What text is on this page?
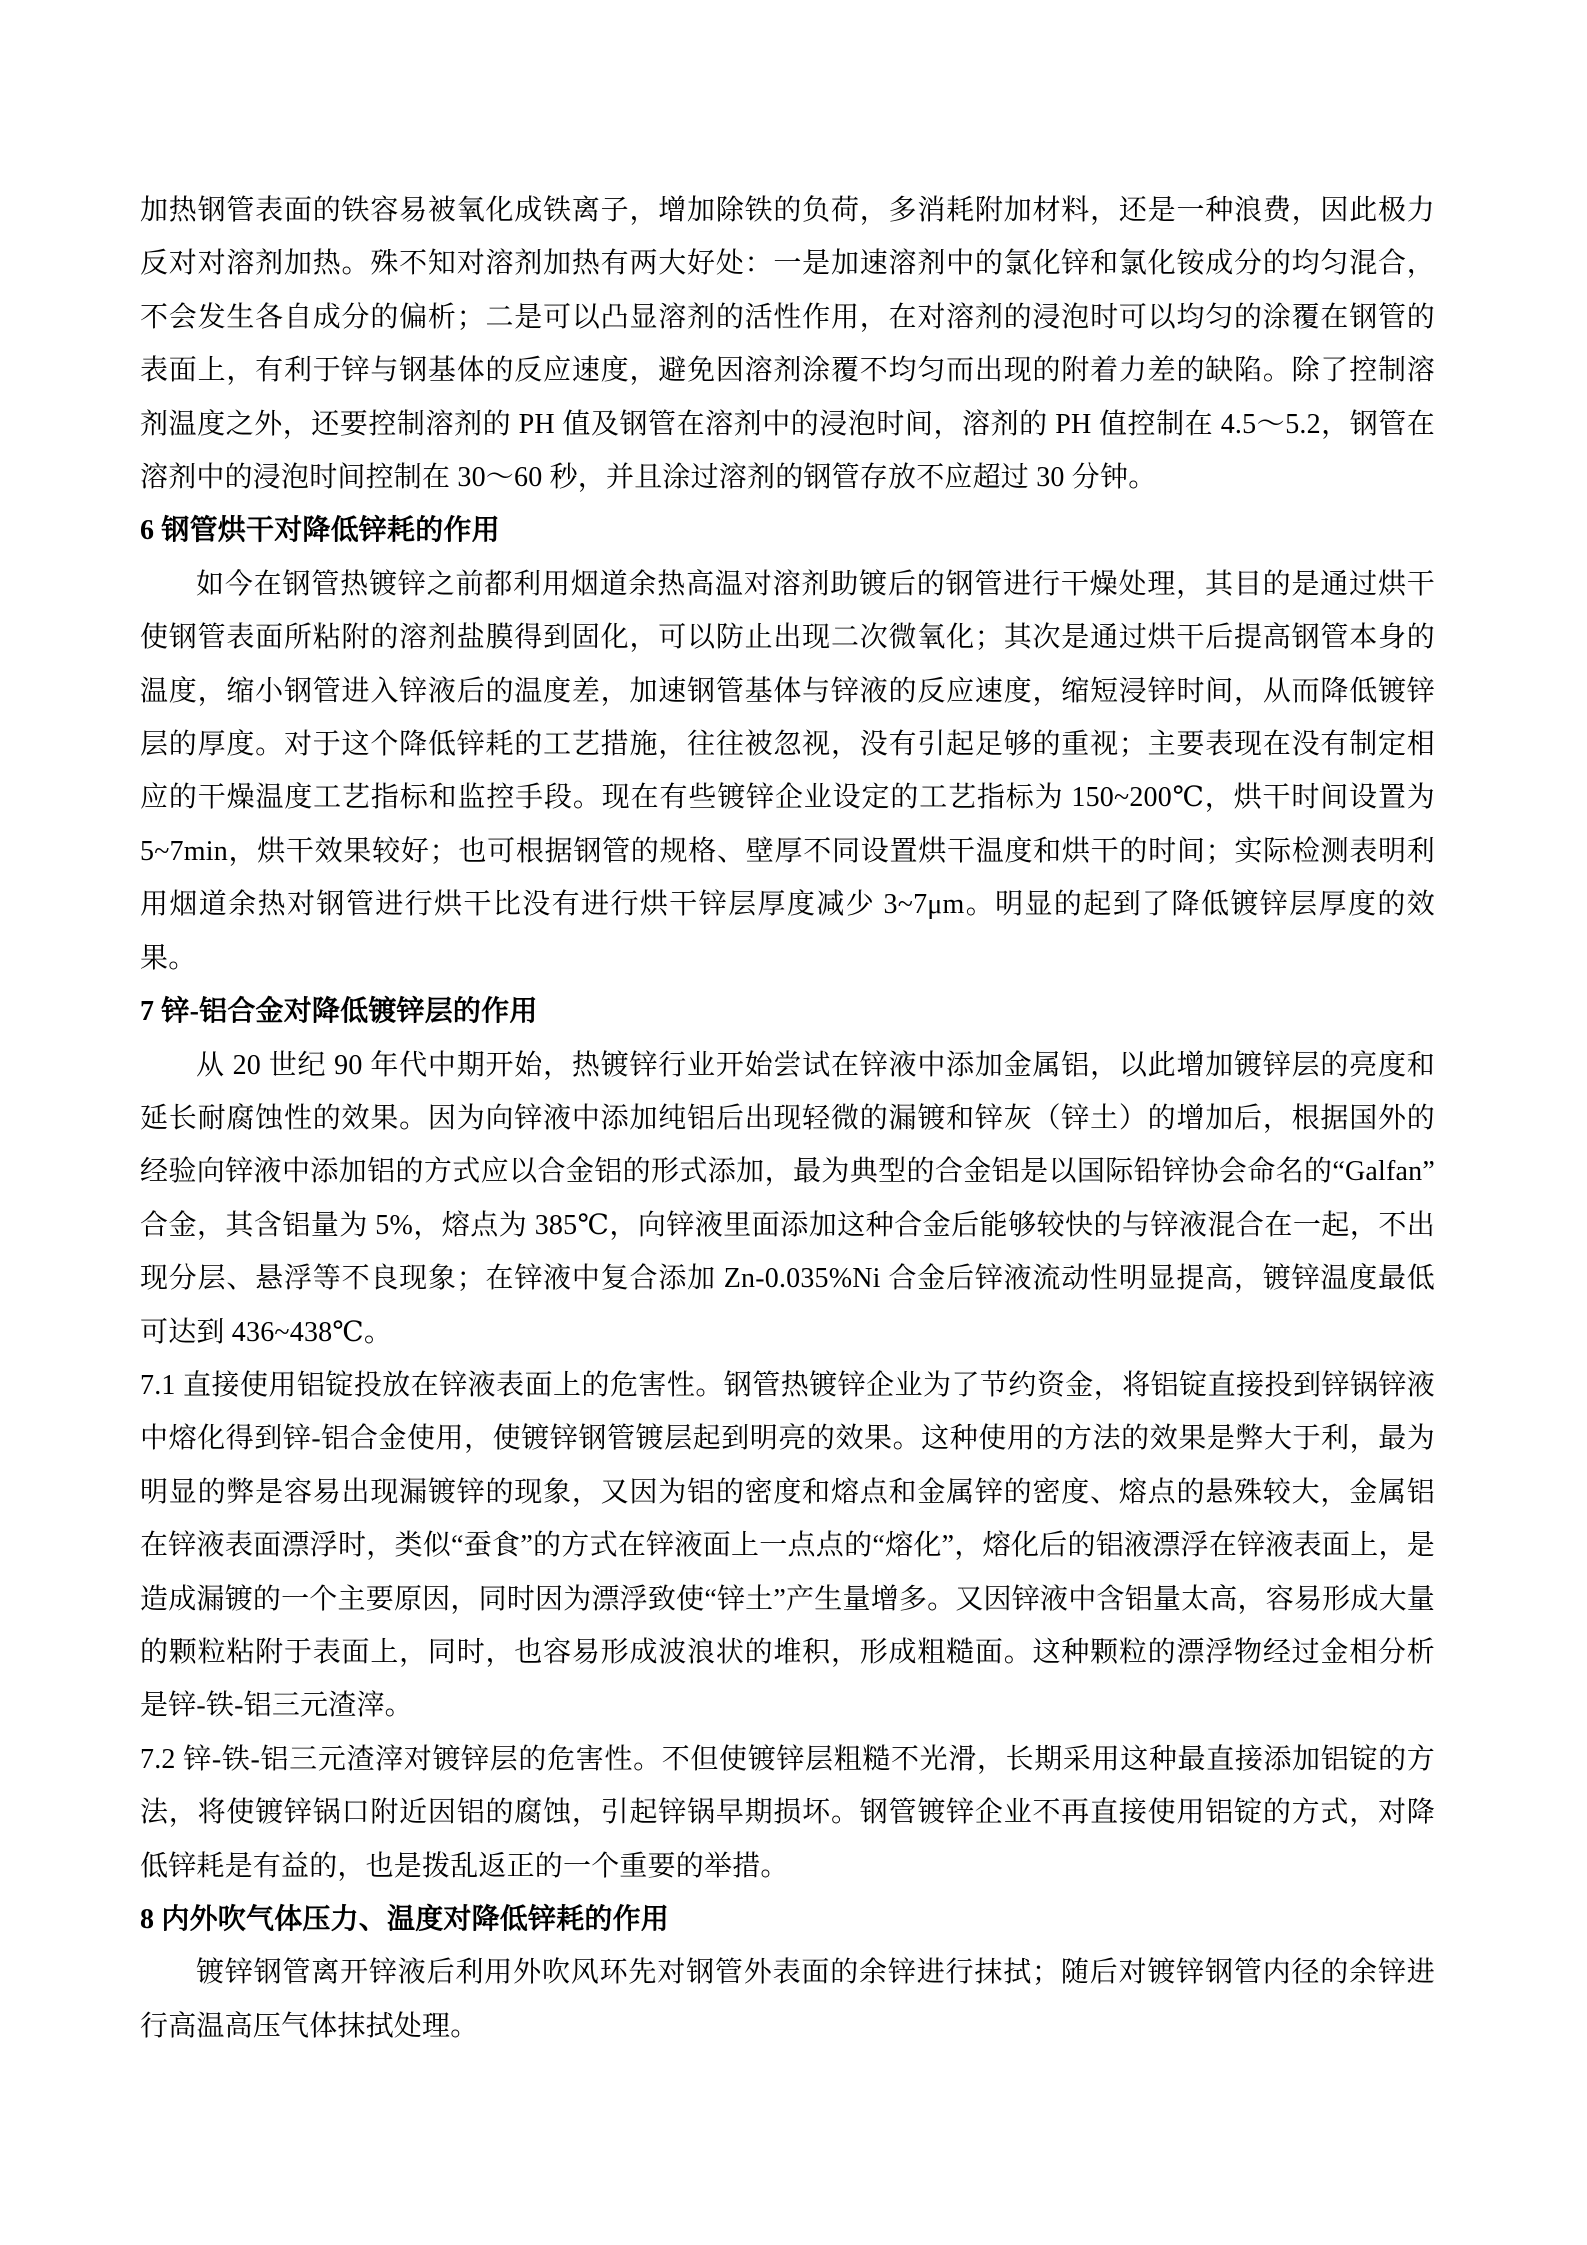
加热钢管表面的铁容易被氧化成铁离子，增加除铁的负荷，多消耗附加材料，还是一种浪费，因此极力反对对溶剂加热。殊不知对溶剂加热有两大好处：一是加速溶剂中的氯化锌和氯化铵成分的均匀混合，不会发生各自成分的偏析；二是可以凸显溶剂的活性作用，在对溶剂的浸泡时可以均匀的涂覆在钢管的表面上，有利于锌与钢基体的反应速度，避免因溶剂涂覆不均匀而出现的附着力差的缺陷。除了控制溶剂温度之外，还要控制溶剂的 PH 值及钢管在溶剂中的浸泡时间，溶剂的 PH 值控制在 4.5～5.2，钢管在溶剂中的浸泡时间控制在 30～60 秒，并且涂过溶剂的钢管存放不应超过 30 分钟。

6 钢管烘干对降低锌耗的作用

如今在钢管热镀锌之前都利用烟道余热高温对溶剂助镀后的钢管进行干燥处理，其目的是通过烘干使钢管表面所粘附的溶剂盐膜得到固化，可以防止出现二次微氧化；其次是通过烘干后提高钢管本身的温度，缩小钢管进入锌液后的温度差，加速钢管基体与锌液的反应速度，缩短浸锌时间，从而降低镀锌层的厚度。对于这个降低锌耗的工艺措施，往往被忽视，没有引起足够的重视；主要表现在没有制定相应的干燥温度工艺指标和监控手段。现在有些镀锌企业设定的工艺指标为 150~200℃，烘干时间设置为 5~7min，烘干效果较好；也可根据钢管的规格、壁厚不同设置烘干温度和烘干的时间；实际检测表明利用烟道余热对钢管进行烘干比没有进行烘干锌层厚度减少 3~7μm。明显的起到了降低镀锌层厚度的效果。

7 锌-铝合金对降低镀锌层的作用

从 20 世纪 90 年代中期开始，热镀锌行业开始尝试在锌液中添加金属铝，以此增加镀锌层的亮度和延长耐腐蚀性的效果。因为向锌液中添加纯铝后出现轻微的漏镀和锌灰（锌土）的增加后，根据国外的经验向锌液中添加铝的方式应以合金铝的形式添加，最为典型的合金铝是以国际铅锌协会命名的“Galfan”合金，其含铝量为 5%，熔点为 385℃，向锌液里面添加这种合金后能够较快的与锌液混合在一起，不出现分层、悬浮等不良现象；在锌液中复合添加 Zn-0.035%Ni 合金后锌液流动性明显提高，镀锌温度最低可达到 436~438℃。

7.1 直接使用铝锭投放在锌液表面上的危害性。钢管热镀锌企业为了节约资金，将铝锭直接投到锌锅锌液中熔化得到锌-铝合金使用，使镀锌钢管镀层起到明亮的效果。这种使用的方法的效果是弊大于利，最为明显的弊是容易出现漏镀锌的现象，又因为铝的密度和熔点和金属锌的密度、熔点的悬殊较大，金属铝在锌液表面漂浮时，类似“蚕食”的方式在锌液面上一点点的“熔化”，熔化后的铝液漂浮在锌液表面上，是造成漏镀的一个主要原因，同时因为漂浮致使“锌土”产生量增多。又因锌液中含铝量太高，容易形成大量的颗粒粘附于表面上，同时，也容易形成波浪状的堆积，形成粗糙面。这种颗粒的漂浮物经过金相分析是锌-铁-铝三元渣滓。

7.2 锌-铁-铝三元渣滓对镀锌层的危害性。不但使镀锌层粗糙不光滑，长期采用这种最直接添加铝锭的方法，将使镀锌锅口附近因铝的腐蚀，引起锌锅早期损坏。钢管镀锌企业不再直接使用铝锭的方式，对降低锌耗是有益的，也是拨乱返正的一个重要的举措。

8 内外吹气体压力、温度对降低锌耗的作用

镀锌钢管离开锌液后利用外吹风环先对钢管外表面的余锌进行抹拭；随后对镀锌钢管内径的余锌进行高温高压气体抹拭处理。
